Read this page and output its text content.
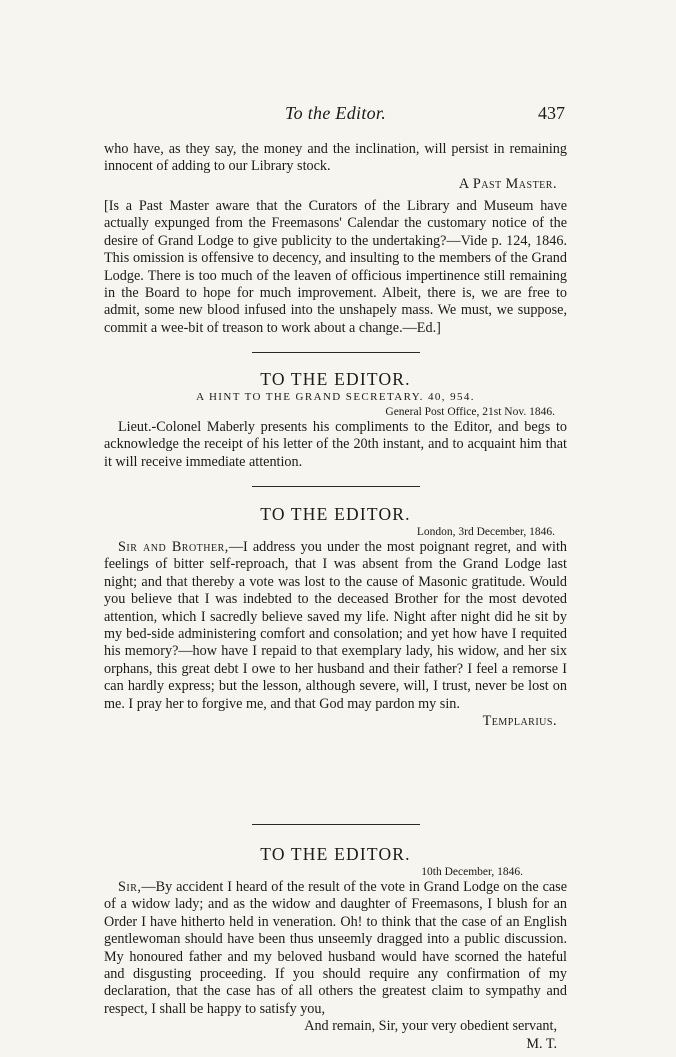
To the Editor.	437

who have, as they say, the money and the inclination, will persist in remaining innocent of adding to our Library stock.

A Past Master.

[Is a Past Master aware that the Curators of the Library and Museum have actually expunged from the Freemasons' Calendar the customary notice of the desire of Grand Lodge to give publicity to the undertaking?—Vide p. 124, 1846. This omission is offensive to decency, and insulting to the members of the Grand Lodge. There is too much of the leaven of officious impertinence still remaining in the Board to hope for much improvement. Albeit, there is, we are free to admit, some new blood infused into the unshapely mass. We must, we suppose, commit a wee-bit of treason to work about a change.—Ed.]

TO THE EDITOR.
A HINT TO THE GRAND SECRETARY. 40, 954.
General Post Office, 21st Nov. 1846.

Lieut.-Colonel Maberly presents his compliments to the Editor, and begs to acknowledge the receipt of his letter of the 20th instant, and to acquaint him that it will receive immediate attention.

TO THE EDITOR.
London, 3rd December, 1846.

Sir and Brother,—I address you under the most poignant regret, and with feelings of bitter self-reproach, that I was absent from the Grand Lodge last night; and that thereby a vote was lost to the cause of Masonic gratitude. Would you believe that I was indebted to the deceased Brother for the most devoted attention, which I sacredly believe saved my life. Night after night did he sit by my bed-side administering comfort and consolation; and yet how have I requited his memory?—how have I repaid to that exemplary lady, his widow, and her six orphans, this great debt I owe to her husband and their father? I feel a remorse I can hardly express; but the lesson, although severe, will, I trust, never be lost on me. I pray her to forgive me, and that God may pardon my sin.

Templarius.
TO THE EDITOR.
10th December, 1846.

Sir,—By accident I heard of the result of the vote in Grand Lodge on the case of a widow lady; and as the widow and daughter of Freemasons, I blush for an Order I have hitherto held in veneration. Oh! to think that the case of an English gentlewoman should have been thus unseemly dragged into a public discussion. My honoured father and my beloved husband would have scorned the hateful and disgusting proceeding. If you should require any confirmation of my declaration, that the case has of all others the greatest claim to sympathy and respect, I shall be happy to satisfy you,

And remain, Sir, your very obedient servant,
M. T.
